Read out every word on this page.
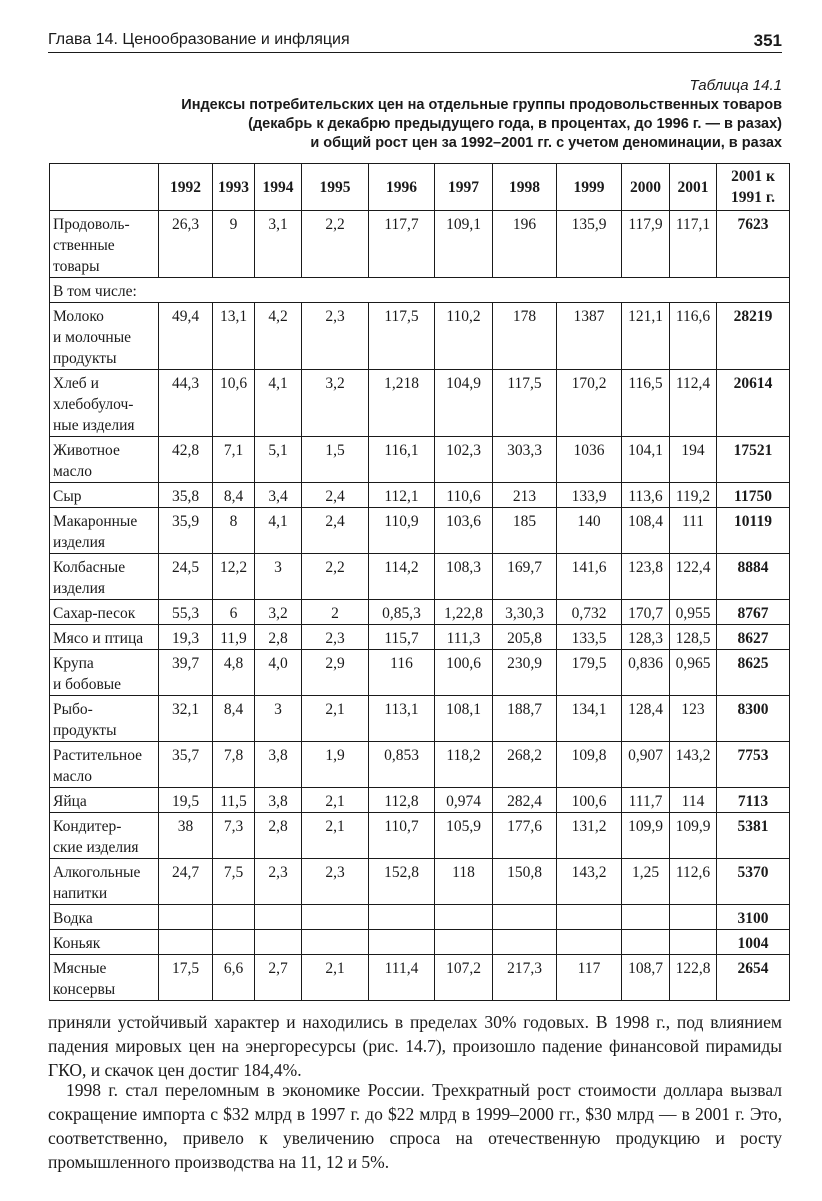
Глава 14. Ценообразование и инфляция	351
Таблица 14.1
Индексы потребительских цен на отдельные группы продовольственных товаров
(декабрь к декабрю предыдущего года, в процентах, до 1996 г. — в разах)
и общий рост цен за 1992–2001 гг. с учетом деноминации, в разах
	1992	1993	1994	1995	1996	1997	1998	1999	2000	2001	2001 к
1991 г.
Продоволь-
ственные
товары	26,3	9	3,1	2,2	117,7	109,1	196	135,9	117,9	117,1	7623
В том числе:											
Молоко
и молочные
продукты	49,4	13,1	4,2	2,3	117,5	110,2	178	1387	121,1	116,6	28219
Хлеб и
хлебобулоч-
ные изделия	44,3	10,6	4,1	3,2	1,218	104,9	117,5	170,2	116,5	112,4	20614
Животное
масло	42,8	7,1	5,1	1,5	116,1	102,3	303,3	1036	104,1	194	17521
Сыр	35,8	8,4	3,4	2,4	112,1	110,6	213	133,9	113,6	119,2	11750
Макаронные
изделия	35,9	8	4,1	2,4	110,9	103,6	185	140	108,4	111	10119
Колбасные
изделия	24,5	12,2	3	2,2	114,2	108,3	169,7	141,6	123,8	122,4	8884
Сахар-песок	55,3	6	3,2	2	0,85,3	1,22,8	3,30,3	0,732	170,7	0,955	8767
Мясо и птица	19,3	11,9	2,8	2,3	115,7	111,3	205,8	133,5	128,3	128,5	8627
Крупа
и бобовые	39,7	4,8	4,0	2,9	116	100,6	230,9	179,5	0,836	0,965	8625
Рыбо-
продукты	32,1	8,4	3	2,1	113,1	108,1	188,7	134,1	128,4	123	8300
Растительное
масло	35,7	7,8	3,8	1,9	0,853	118,2	268,2	109,8	0,907	143,2	7753
Яйца	19,5	11,5	3,8	2,1	112,8	0,974	282,4	100,6	111,7	114	7113
Кондитер-
ские изделия	38	7,3	2,8	2,1	110,7	105,9	177,6	131,2	109,9	109,9	5381
Алкогольные
напитки	24,7	7,5	2,3	2,3	152,8	118	150,8	143,2	1,25	112,6	5370
Водка											3100
Коньяк											1004
Мясные
консервы	17,5	6,6	2,7	2,1	111,4	107,2	217,3	117	108,7	122,8	2654
приняли устойчивый характер и находились в пределах 30% годовых. В 1998 г., под влиянием падения мировых цен на энергоресурсы (рис. 14.7), произошло падение финансовой пирамиды ГКО, и скачок цен достиг 184,4%.
1998 г. стал переломным в экономике России. Трехкратный рост стоимости доллара вызвал сокращение импорта с $32 млрд в 1997 г. до $22 млрд в 1999–2000 гг., $30 млрд — в 2001 г. Это, соответственно, привело к увеличению спроса на отечественную продукцию и росту промышленного производства на 11, 12 и 5%.
